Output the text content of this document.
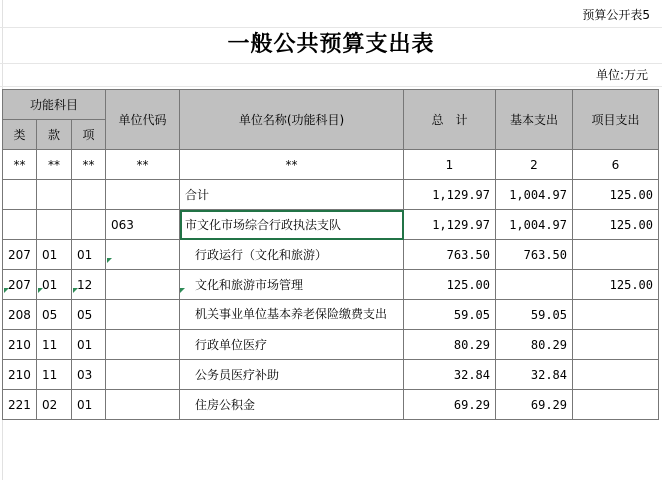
预算公开表5
一般公共预算支出表
单位:万元
功能科目			单位代码	单位名称(功能科目)	总　计	基本支出	项目支出
类	款	项					
**	**	**	**	**	1	2	6
				合计	1,129.97	1,004.97	125.00
			063	市文化市场综合行政执法支队	1,129.97	1,004.97	125.00
207	01	01		行政运行（文化和旅游）	763.50	763.50	
207	01	12		文化和旅游市场管理	125.00		125.00
208	05	05		机关事业单位基本养老保险缴费支出	59.05	59.05	
210	11	01		行政单位医疗	80.29	80.29	
210	11	03		公务员医疗补助	32.84	32.84	
221	02	01		住房公积金	69.29	69.29	
